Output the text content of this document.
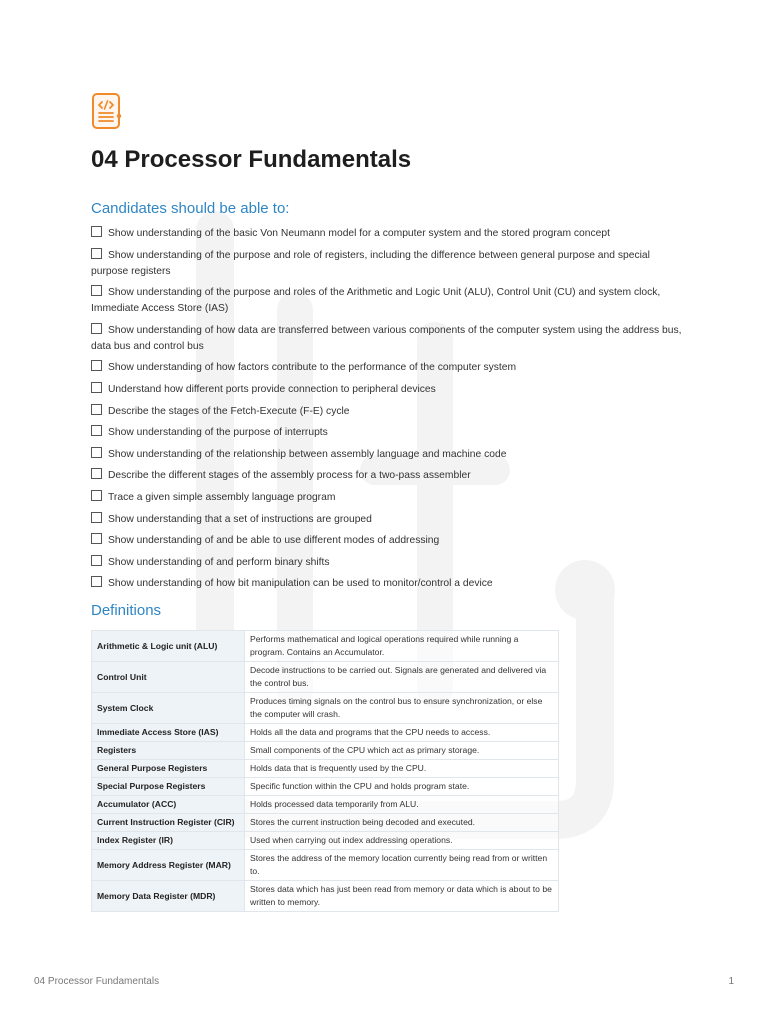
04 Processor Fundamentals
Candidates should be able to:
Show understanding of the basic Von Neumann model for a computer system and the stored program concept
Show understanding of the purpose and role of registers, including the difference between general purpose and special purpose registers
Show understanding of the purpose and roles of the Arithmetic and Logic Unit (ALU), Control Unit (CU) and system clock, Immediate Access Store (IAS)
Show understanding of how data are transferred between various components of the computer system using the address bus, data bus and control bus
Show understanding of how factors contribute to the performance of the computer system
Understand how different ports provide connection to peripheral devices
Describe the stages of the Fetch-Execute (F-E) cycle
Show understanding of the purpose of interrupts
Show understanding of the relationship between assembly language and machine code
Describe the different stages of the assembly process for a two-pass assembler
Trace a given simple assembly language program
Show understanding that a set of instructions are grouped
Show understanding of and be able to use different modes of addressing
Show understanding of and perform binary shifts
Show understanding of how bit manipulation can be used to monitor/control a device
Definitions
Arithmetic & Logic unit (ALU)	Performs mathematical and logical operations required while running a program. Contains an Accumulator.
Control Unit	Decode instructions to be carried out. Signals are generated and delivered via the control bus.
System Clock	Produces timing signals on the control bus to ensure synchronization, or else the computer will crash.
Immediate Access Store (IAS)	Holds all the data and programs that the CPU needs to access.
Registers	Small components of the CPU which act as primary storage.
General Purpose Registers	Holds data that is frequently used by the CPU.
Special Purpose Registers	Specific function within the CPU and holds program state.
Accumulator (ACC)	Holds processed data temporarily from ALU.
Current Instruction Register (CIR)	Stores the current instruction being decoded and executed.
Index Register (IR)	Used when carrying out index addressing operations.
Memory Address Register (MAR)	Stores the address of the memory location currently being read from or written to.
Memory Data Register (MDR)	Stores data which has just been read from memory or data which is about to be written to memory.
04 Processor Fundamentals	1
